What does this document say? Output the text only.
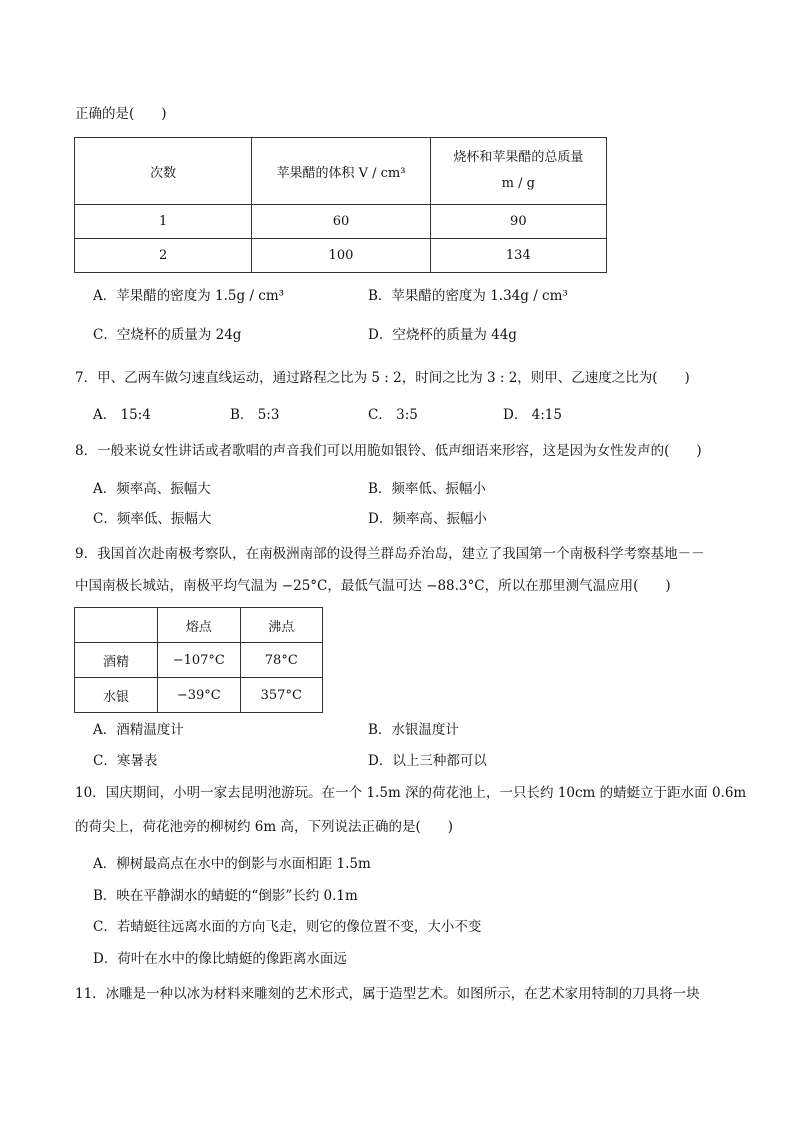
正确的是(　　)
次数	苹果醋的体积 V / cm³	烧杯和苹果醋的总质量
m / g

1	60	90
2	100	134
A．苹果醋的密度为 1.5g / cm³	B．苹果醋的密度为 1.34g / cm³
C．空烧杯的质量为 24g	D．空烧杯的质量为 44g
7．甲、乙两车做匀速直线运动，通过路程之比为 5 : 2，时间之比为 3 : 2，则甲、乙速度之比为(　　)
A． 15:4	B． 5:3	C． 3:5	D． 4:15
8．一般来说女性讲话或者歌唱的声音我们可以用脆如银铃、低声细语来形容，这是因为女性发声的(　　)
A．频率高、振幅大	B．频率低、振幅小
C．频率低、振幅大	D．频率高、振幅小
9．我国首次赴南极考察队，在南极洲南部的设得兰群岛乔治岛，建立了我国第一个南极科学考察基地－－
中国南极长城站，南极平均气温为 −25°C，最低气温可达 −88.3°C，所以在那里测气温应用(　　)
	熔点	沸点
酒精	−107°C	78°C
水银	−39°C	357°C
A．酒精温度计	B．水银温度计
C．寒暑表	D．以上三种都可以
10．国庆期间，小明一家去昆明池游玩。在一个 1.5m 深的荷花池上，一只长约 10cm 的蜻蜓立于距水面 0.6m
的荷尖上，荷花池旁的柳树约 6m 高，下列说法正确的是(　　)
A．柳树最高点在水中的倒影与水面相距 1.5m
B．映在平静湖水的蜻蜓的“倒影”长约 0.1m
C．若蜻蜓往远离水面的方向飞走，则它的像位置不变，大小不变
D．荷叶在水中的像比蜻蜓的像距离水面远
11．冰雕是一种以冰为材料来雕刻的艺术形式，属于造型艺术。如图所示，在艺术家用特制的刀具将一块
